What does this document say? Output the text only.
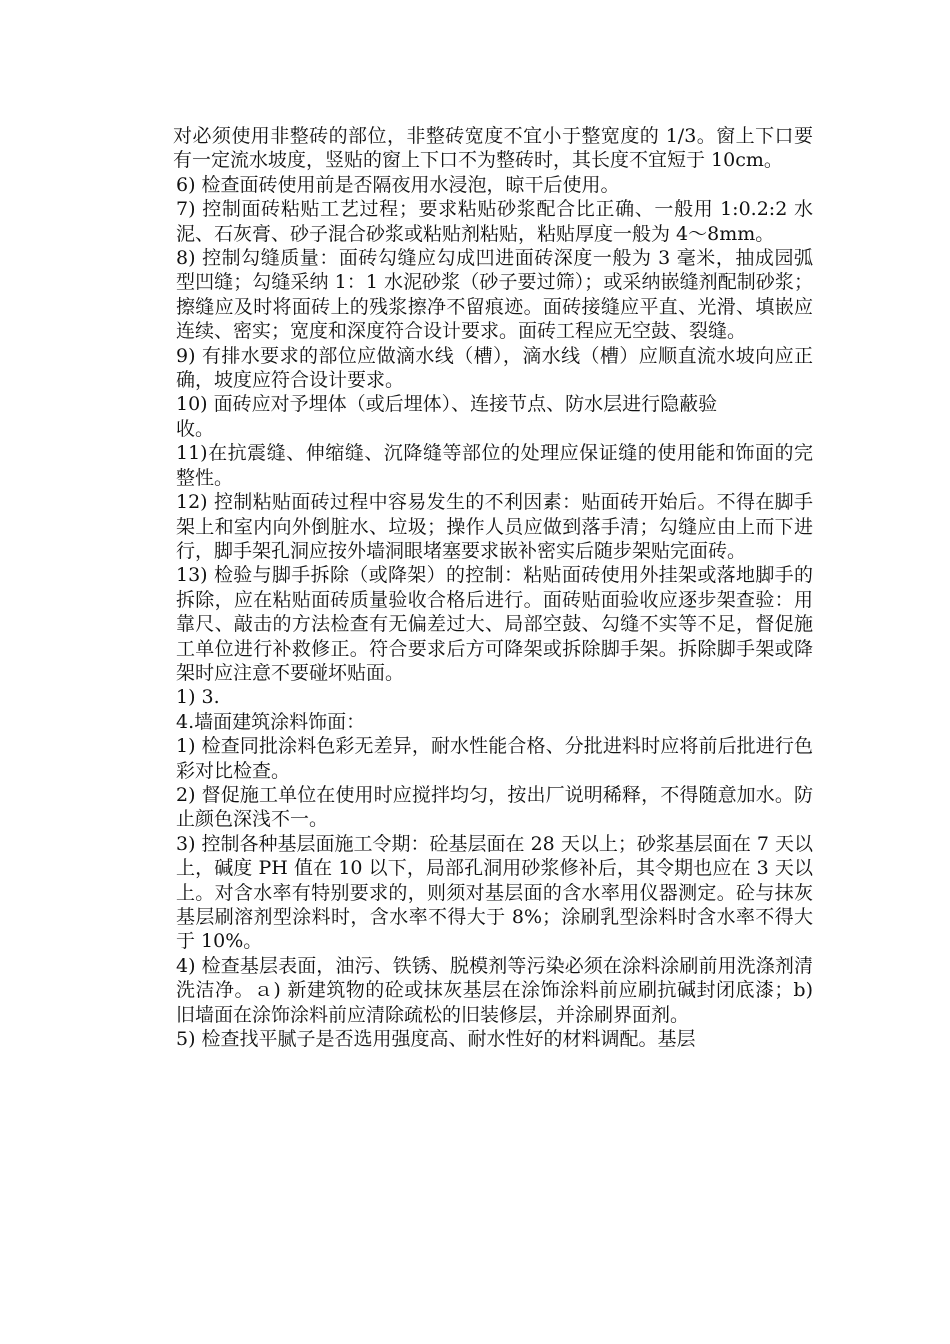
对必须使用非整砖的部位，非整砖宽度不宜小于整宽度的 1/3。窗上下口要有一定流水坡度，竖贴的窗上下口不为整砖时，其长度不宜短于 10cm。

6) 检查面砖使用前是否隔夜用水浸泡，晾干后使用。

7) 控制面砖粘贴工艺过程；要求粘贴砂浆配合比正确、一般用 1:0.2:2 水泥、石灰膏、砂子混合砂浆或粘贴剂粘贴，粘贴厚度一般为 4～8mm。

8) 控制勾缝质量：面砖勾缝应勾成凹进面砖深度一般为 3 毫米，抽成园弧型凹缝；勾缝采纳 1：1 水泥砂浆（砂子要过筛）；或采纳嵌缝剂配制砂浆；擦缝应及时将面砖上的残浆擦净不留痕迹。面砖接缝应平直、光滑、填嵌应连续、密实；宽度和深度符合设计要求。面砖工程应无空鼓、裂缝。

9) 有排水要求的部位应做滴水线（槽），滴水线（槽）应顺直流水坡向应正确，坡度应符合设计要求。

10) 面砖应对予埋体（或后埋体）、连接节点、防水层进行隐蔽验

收。

11)在抗震缝、伸缩缝、沉降缝等部位的处理应保证缝的使用能和饰面的完整性。

12) 控制粘贴面砖过程中容易发生的不利因素：贴面砖开始后。不得在脚手架上和室内向外倒脏水、垃圾；操作人员应做到落手清；勾缝应由上而下进行，脚手架孔洞应按外墙洞眼堵塞要求嵌补密实后随步架贴完面砖。

13) 检验与脚手拆除（或降架）的控制：粘贴面砖使用外挂架或落地脚手的拆除，应在粘贴面砖质量验收合格后进行。面砖贴面验收应逐步架查验：用靠尺、敲击的方法检查有无偏差过大、局部空鼓、勾缝不实等不足，督促施工单位进行补救修正。符合要求后方可降架或拆除脚手架。拆除脚手架或降架时应注意不要碰坏贴面。

1) 3.

4.墙面建筑涂料饰面：

1) 检查同批涂料色彩无差异，耐水性能合格、分批进料时应将前后批进行色彩对比检查。

2) 督促施工单位在使用时应搅拌均匀，按出厂说明稀释，不得随意加水。防止颜色深浅不一。

3) 控制各种基层面施工令期：砼基层面在 28 天以上；砂浆基层面在 7 天以上，碱度 PH 值在 10 以下，局部孔洞用砂浆修补后，其令期也应在 3 天以上。对含水率有特别要求的，则须对基层面的含水率用仪器测定。砼与抹灰基层刷溶剂型涂料时，含水率不得大于 8%；涂刷乳型涂料时含水率不得大于 10%。

4) 检查基层表面，油污、铁锈、脱模剂等污染必须在涂料涂刷前用洗涤剂清洗洁净。ａ) 新建筑物的砼或抹灰基层在涂饰涂料前应刷抗碱封闭底漆；b)旧墙面在涂饰涂料前应清除疏松的旧装修层，并涂刷界面剂。

5) 检查找平腻子是否选用强度高、耐水性好的材料调配。基层
